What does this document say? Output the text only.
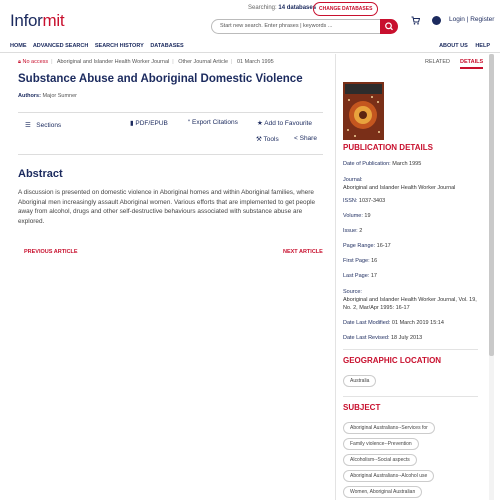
Informit
Searching: 14 databases CHANGE DATABASES
Start new search. Enter phrases | keywords ...
Login | Register
HOME ADVANCED SEARCH SEARCH HISTORY DATABASES	ABOUT US HELP
🔒︎ No access | Aboriginal and Islander Health Worker Journal | Other Journal Article | 01 March 1995
Substance Abuse and Aboriginal Domestic Violence
Authors: Major Sumner
☰ Sections	▮ PDF/EPUB	“ Export Citations	★ Add to Favourite
⚒ Tools < Share
Abstract
A discussion is presented on domestic violence in Aboriginal homes and within Aboriginal families, where Aboriginal men increasingly assault Aboriginal women. Various efforts that are implemented to get people away from alcohol, drugs and other self-destructive behaviours associated with substance abuse are explored.
PREVIOUS ARTICLE	NEXT ARTICLE
RELATED DETAILS
PUBLICATION DETAILS
Date of Publication: March 1995
Journal:
Aboriginal and Islander Health Worker Journal
ISSN: 1037-3403
Volume: 19
Issue: 2
Page Range: 16-17
First Page: 16
Last Page: 17
Source:
Aboriginal and Islander Health Worker Journal, Vol. 19, No. 2, Mar/Apr 1995: 16-17
Date Last Modified: 01 March 2019 15:14
Date Last Revised: 18 July 2013
GEOGRAPHIC LOCATION
Australia
SUBJECT
Aboriginal Australians--Services for
Family violence--Prevention
Alcoholism--Social aspects
Aboriginal Australians--Alcohol use
Women, Aboriginal Australian
